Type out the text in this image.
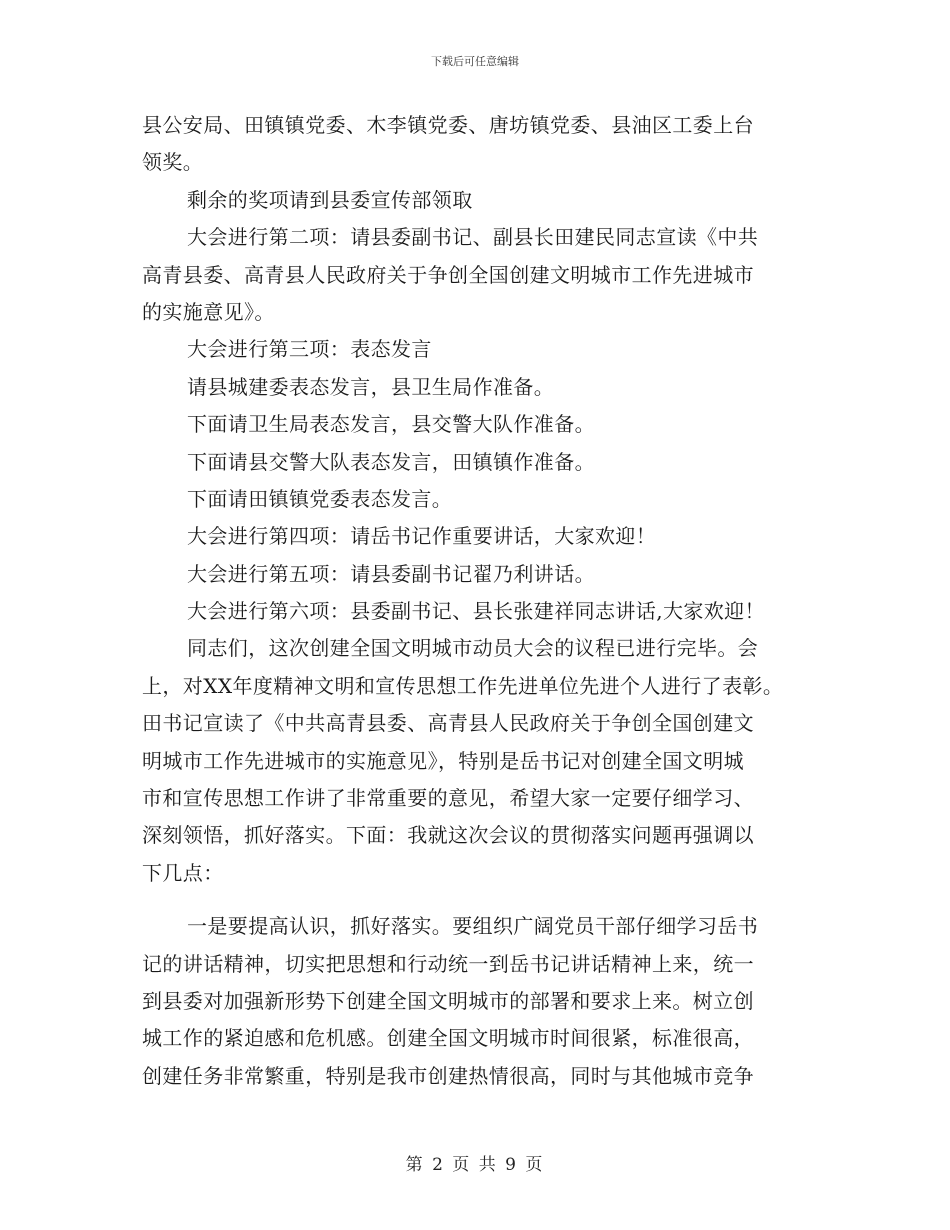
下载后可任意编辑
县公安局、田镇镇党委、木李镇党委、唐坊镇党委、县油区工委上台
领奖。
剩余的奖项请到县委宣传部领取
大会进行第二项：请县委副书记、副县长田建民同志宣读《中共
高青县委、高青县人民政府关于争创全国创建文明城市工作先进城市
的实施意见》。
大会进行第三项：表态发言
请县城建委表态发言，县卫生局作准备。
下面请卫生局表态发言，县交警大队作准备。
下面请县交警大队表态发言，田镇镇作准备。
下面请田镇镇党委表态发言。
大会进行第四项：请岳书记作重要讲话，大家欢迎！
大会进行第五项：请县委副书记翟乃利讲话。
大会进行第六项：县委副书记、县长张建祥同志讲话,大家欢迎！
同志们，这次创建全国文明城市动员大会的议程已进行完毕。会
上，对XX年度精神文明和宣传思想工作先进单位先进个人进行了表彰。
田书记宣读了《中共高青县委、高青县人民政府关于争创全国创建文
明城市工作先进城市的实施意见》，特别是岳书记对创建全国文明城
市和宣传思想工作讲了非常重要的意见，希望大家一定要仔细学习、
深刻领悟，抓好落实。下面：我就这次会议的贯彻落实问题再强调以
下几点：
一是要提高认识，抓好落实。要组织广阔党员干部仔细学习岳书
记的讲话精神，切实把思想和行动统一到岳书记讲话精神上来，统一
到县委对加强新形势下创建全国文明城市的部署和要求上来。树立创
城工作的紧迫感和危机感。创建全国文明城市时间很紧，标准很高，
创建任务非常繁重，特别是我市创建热情很高，同时与其他城市竞争
第 2 页 共 9 页
